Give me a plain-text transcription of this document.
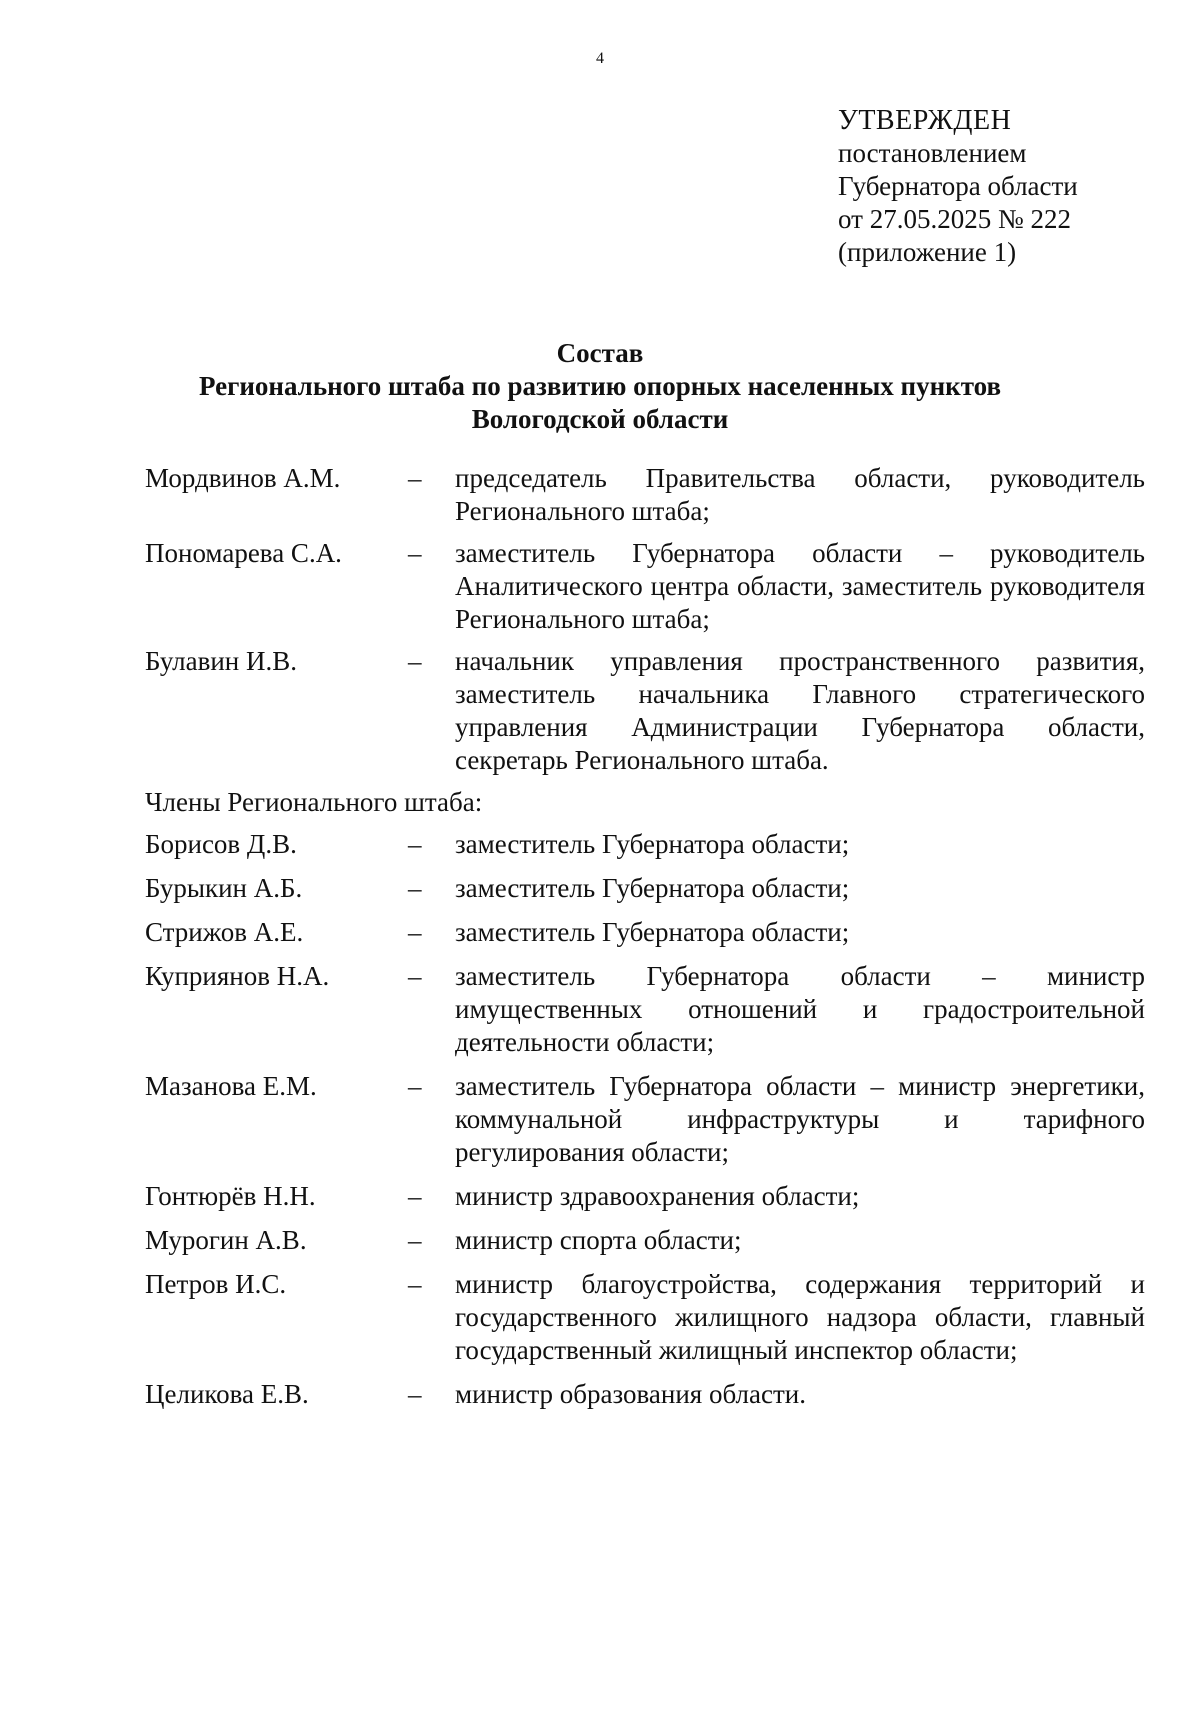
4
УТВЕРЖДЕН
постановлением
Губернатора области
от 27.05.2025 № 222
(приложение 1)
Состав
Регионального штаба по развитию опорных населенных пунктов
Вологодской области
Мордвинов А.М.	–	председатель Правительства области, руководитель Регионального штаба;
Пономарева С.А.	–	заместитель Губернатора области – руководитель Аналитического центра области, заместитель руководителя Регионального штаба;
Булавин И.В.	–	начальник управления пространственного развития, заместитель начальника Главного стратегического управления Администрации Губернатора области, секретарь Регионального штаба.
Члены Регионального штаба:
Борисов Д.В.	–	заместитель Губернатора области;
Бурыкин А.Б.	–	заместитель Губернатора области;
Стрижов А.Е.	–	заместитель Губернатора области;
Куприянов Н.А.	–	заместитель Губернатора области – министр имущественных отношений и градостроительной деятельности области;
Мазанова Е.М.	–	заместитель Губернатора области – министр энергетики, коммунальной инфраструктуры и тарифного регулирования области;
Гонтюрёв Н.Н.	–	министр здравоохранения области;
Мурогин А.В.	–	министр спорта области;
Петров И.С.	–	министр благоустройства, содержания территорий и государственного жилищного надзора области, главный государственный жилищный инспектор области;
Целикова Е.В.	–	министр образования области.
